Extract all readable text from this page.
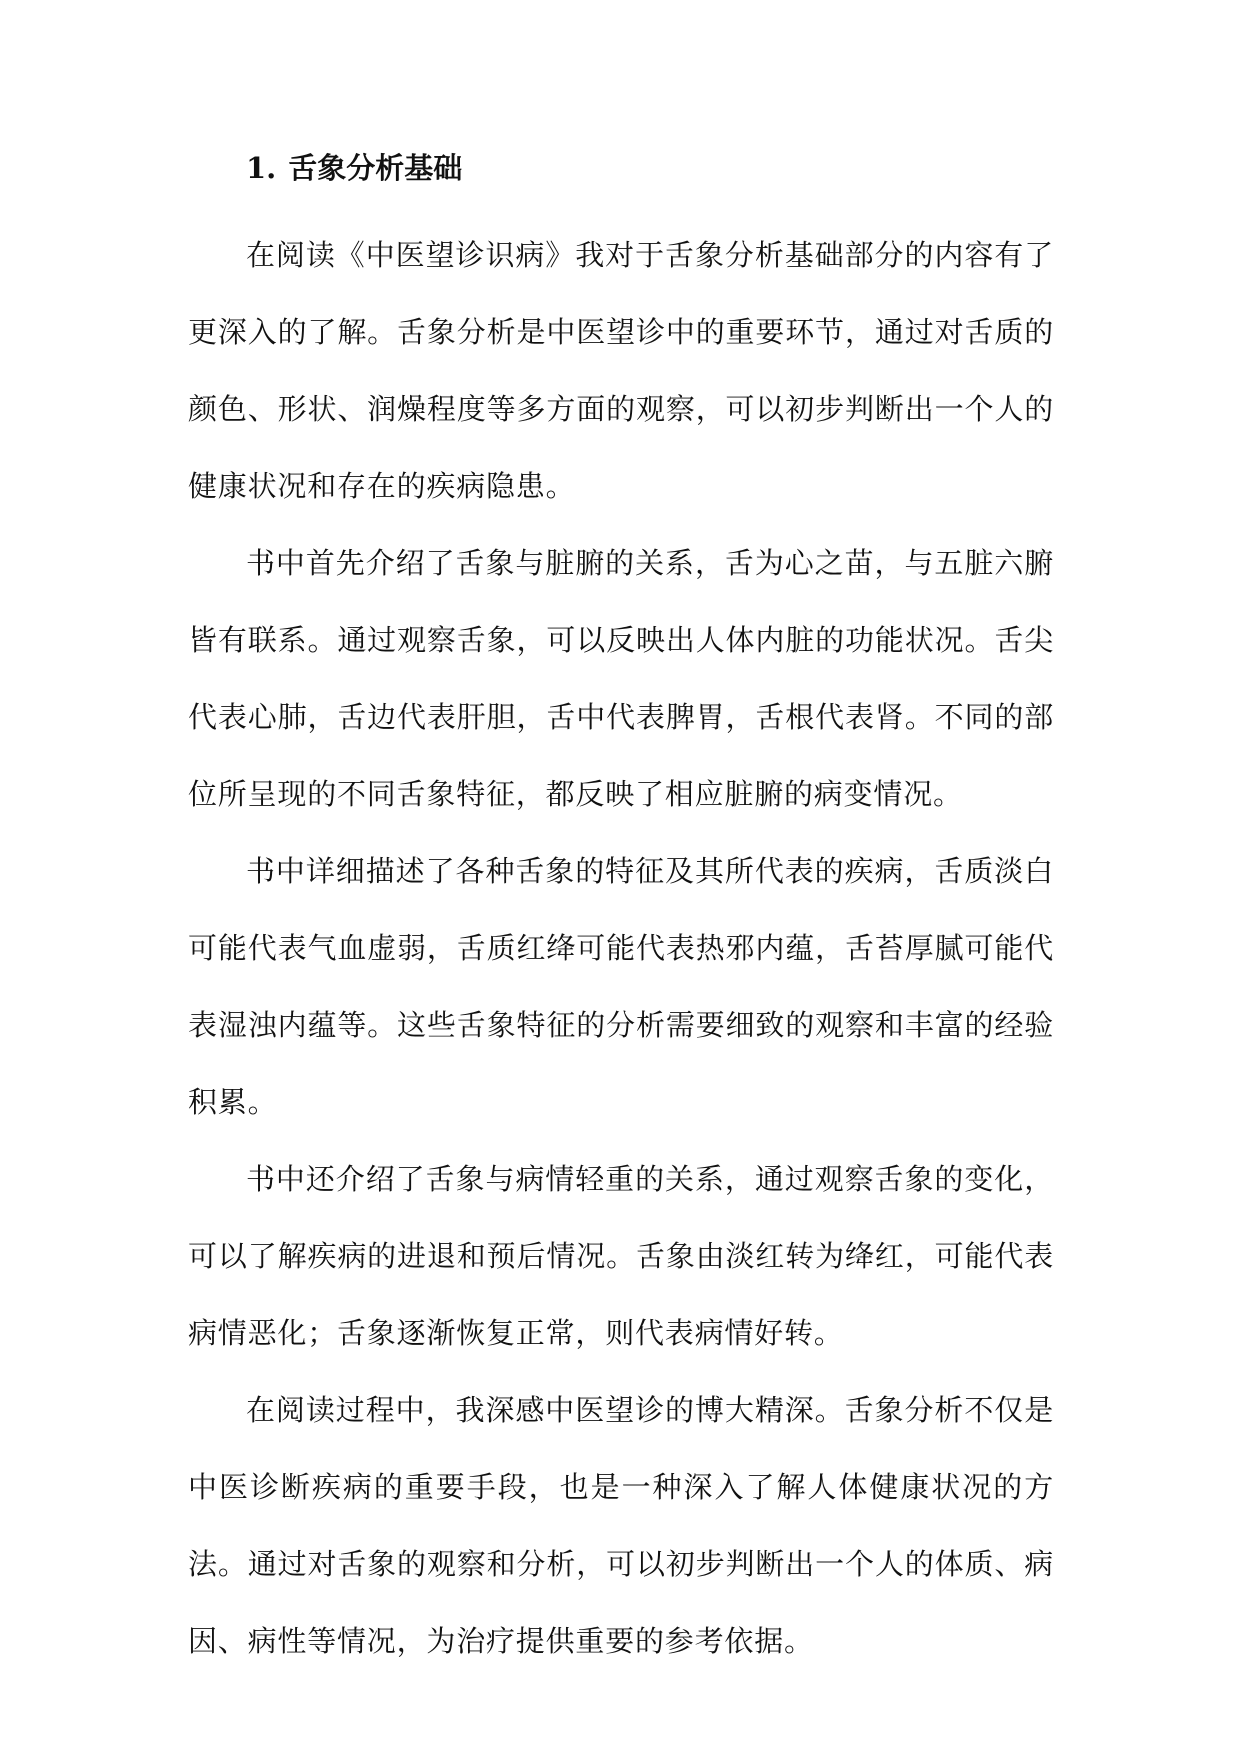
1. 舌象分析基础

在阅读《中医望诊识病》我对于舌象分析基础部分的内容有了更深入的了解。舌象分析是中医望诊中的重要环节，通过对舌质的颜色、形状、润燥程度等多方面的观察，可以初步判断出一个人的健康状况和存在的疾病隐患。

书中首先介绍了舌象与脏腑的关系，舌为心之苗，与五脏六腑皆有联系。通过观察舌象，可以反映出人体内脏的功能状况。舌尖代表心肺，舌边代表肝胆，舌中代表脾胃，舌根代表肾。不同的部位所呈现的不同舌象特征，都反映了相应脏腑的病变情况。

书中详细描述了各种舌象的特征及其所代表的疾病，舌质淡白可能代表气血虚弱，舌质红绛可能代表热邪内蕴，舌苔厚腻可能代表湿浊内蕴等。这些舌象特征的分析需要细致的观察和丰富的经验积累。

书中还介绍了舌象与病情轻重的关系，通过观察舌象的变化，可以了解疾病的进退和预后情况。舌象由淡红转为绛红，可能代表病情恶化；舌象逐渐恢复正常，则代表病情好转。

在阅读过程中，我深感中医望诊的博大精深。舌象分析不仅是中医诊断疾病的重要手段，也是一种深入了解人体健康状况的方法。通过对舌象的观察和分析，可以初步判断出一个人的体质、病因、病性等情况，为治疗提供重要的参考依据。
